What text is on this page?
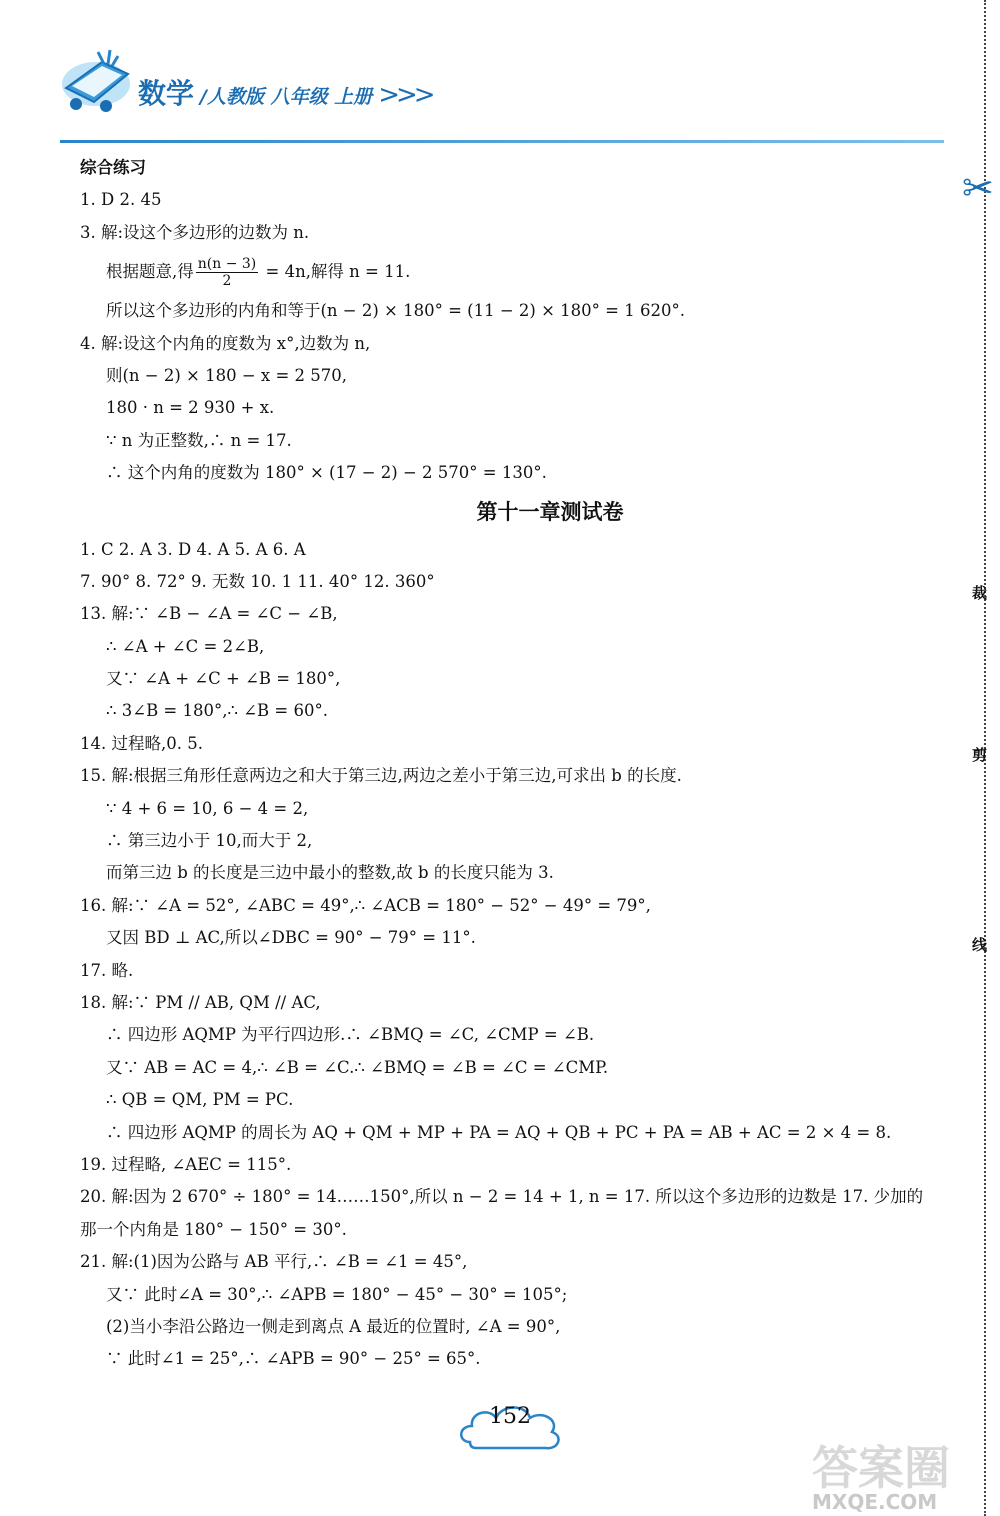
数学 /人教版 八年级 上册 >>>
✂
裁
剪
线
综合练习
1. D 2. 45
3. 解:设这个多边形的边数为 n.
根据题意,得 $\frac{n(n - 3)}{2} = 4n$,解得 n = 11.
所以这个多边形的内角和等于(n − 2) × 180° = (11 − 2) × 180° = 1 620°.
4. 解:设这个内角的度数为 x°,边数为 n,
则(n − 2) × 180 − x = 2 570,
180 · n = 2 930 + x.
∵ n 为正整数,∴ n = 17.
∴ 这个内角的度数为 180° × (17 − 2) − 2 570° = 130°.
第十一章测试卷
1. C 2. A 3. D 4. A 5. A 6. A
7. 90° 8. 72° 9. 无数 10. 1 11. 40° 12. 360°
13. 解:∵ ∠B − ∠A = ∠C − ∠B,
∴ ∠A + ∠C = 2∠B,
又∵ ∠A + ∠C + ∠B = 180°,
∴ 3∠B = 180°,∴ ∠B = 60°.
14. 过程略,0. 5.
15. 解:根据三角形任意两边之和大于第三边,两边之差小于第三边,可求出 b 的长度.
∵ 4 + 6 = 10, 6 − 4 = 2,
∴ 第三边小于 10,而大于 2,
而第三边 b 的长度是三边中最小的整数,故 b 的长度只能为 3.
16. 解:∵ ∠A = 52°, ∠ABC = 49°,∴ ∠ACB = 180° − 52° − 49° = 79°,
又因 BD ⊥ AC,所以∠DBC = 90° − 79° = 11°.
17. 略.
18. 解:∵ PM // AB, QM // AC,
∴ 四边形 AQMP 为平行四边形.∴ ∠BMQ = ∠C, ∠CMP = ∠B.
又∵ AB = AC = 4,∴ ∠B = ∠C.∴ ∠BMQ = ∠B = ∠C = ∠CMP.
∴ QB = QM, PM = PC.
∴ 四边形 AQMP 的周长为 AQ + QM + MP + PA = AQ + QB + PC + PA = AB + AC = 2 × 4 = 8.
19. 过程略, ∠AEC = 115°.
20. 解:因为 2 670° ÷ 180° = 14……150°,所以 n − 2 = 14 + 1, n = 17. 所以这个多边形的边数是 17. 少加的
那一个内角是 180° − 150° = 30°.
21. 解:(1)因为公路与 AB 平行,∴ ∠B = ∠1 = 45°,
又∵ 此时∠A = 30°,∴ ∠APB = 180° − 45° − 30° = 105°;
(2)当小李沿公路边一侧走到离点 A 最近的位置时, ∠A = 90°,
∵ 此时∠1 = 25°,∴ ∠APB = 90° − 25° = 65°.
152
答案圈
MXQE.COM
